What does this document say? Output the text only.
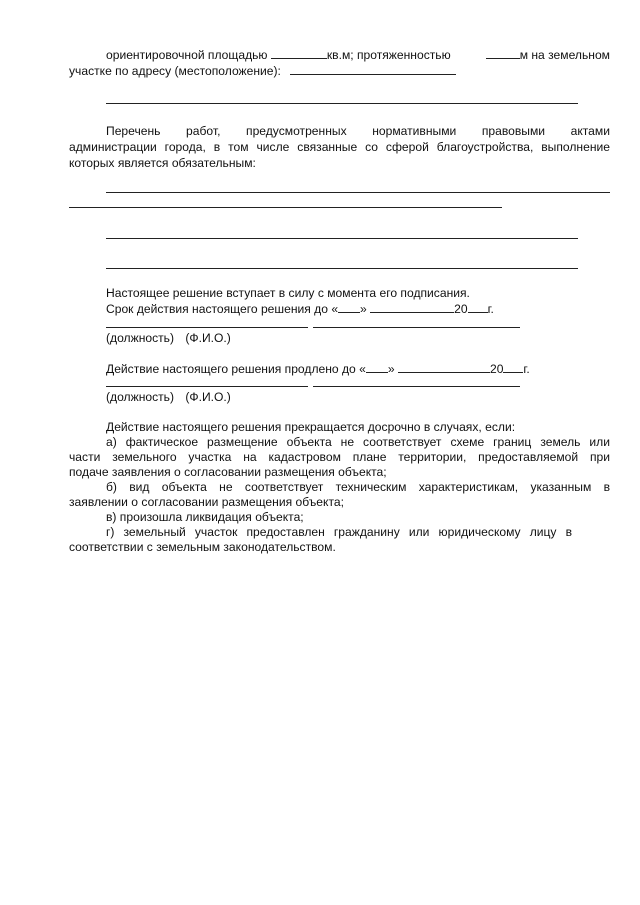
ориентировочной площадью	кв.м; протяженностью	м на земельном
участке по адресу (местоположение):
Перечень работ, предусмотренных нормативными правовыми актами
администрации города, в том числе связанные со сферой благоустройства, выполнение
которых является обязательным:
Настоящее решение вступает в силу с момента его подписания.
Срок действия настоящего решения до « »	20 г.
(должность) (Ф.И.О.)
Действие настоящего решения продлено до « »	20 г.
(должность) (Ф.И.О.)
Действие настоящего решения прекращается досрочно в случаях, если:
а) фактическое размещение объекта не соответствует схеме границ земель или
части земельного участка на кадастровом плане территории, предоставляемой при
подаче заявления о согласовании размещения объекта;
б) вид объекта не соответствует техническим характеристикам, указанным в
заявлении о согласовании размещения объекта;
в) произошла ликвидация объекта;
г) земельный участок предоставлен гражданину или юридическому лицу в
соответствии с земельным законодательством.
